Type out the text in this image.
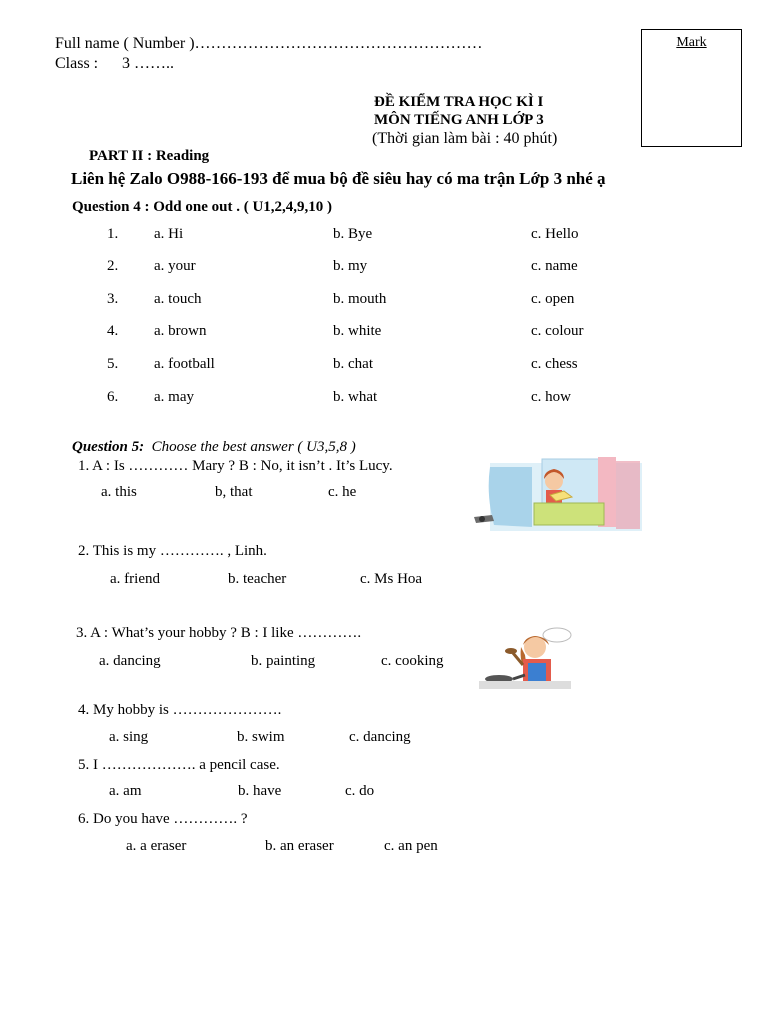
Full name ( Number )………………………………………………
Class : 3 ……..
Mark
ĐỀ KIỂM TRA HỌC KÌ I
MÔN TIẾNG ANH LỚP 3
(Thời gian làm bài : 40 phút)
PART II : Reading
Liên hệ Zalo O988-166-193 để mua bộ đề siêu hay có ma trận Lớp 3 nhé ạ
Question 4 : Odd one out . ( U1,2,4,9,10 )
1. a. Hi	b. Bye	c. Hello
2. a. your	b. my	c. name
3. a. touch	b. mouth	c. open
4. a. brown	b. white	c. colour
5. a. football	b. chat	c. chess
6. a. may	b. what	c. how
Question 5: Choose the best answer ( U3,5,8 )
1. A : Is ………… Mary ? B : No, it isn’t . It’s Lucy.
a. this	b, that	c. he
2. This is my …………. , Linh.
a. friend	b. teacher	c. Ms Hoa
3. A : What’s your hobby ? B : I like ………….
a. dancing	b. painting	c. cooking
4. My hobby is ………………….
a. sing	b. swim	c. dancing
5. I ………………. a pencil case.
a. am	b. have	c. do
6. Do you have …………. ?
a. a eraser	b. an eraser	c. an pen
